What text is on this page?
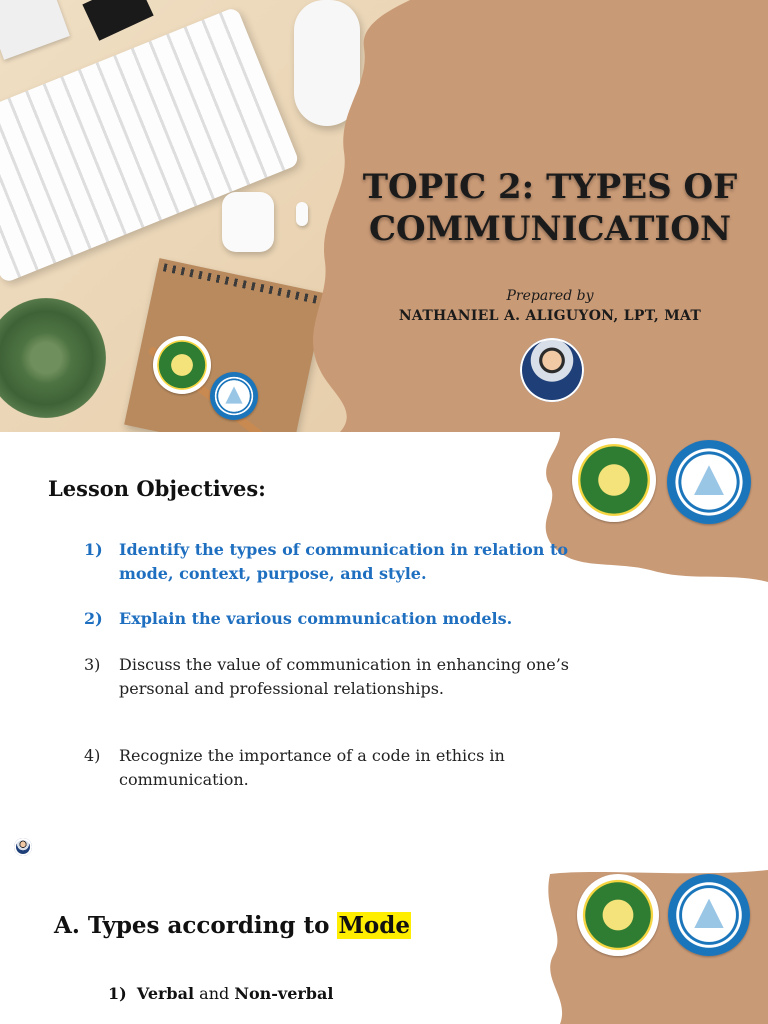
TOPIC 2: TYPES OF
COMMUNICATION
Prepared by
NATHANIEL A. ALIGUYON, LPT, MAT
Lesson Objectives:
1)	Identify the types of communication in relation to mode, context, purpose, and style.
2)	Explain the various communication models.
3)	Discuss the value of communication in enhancing one’s personal and professional relationships.
4)	Recognize the importance of a code in ethics in communication.
A. Types according to Mode
1) Verbal and Non-verbal
